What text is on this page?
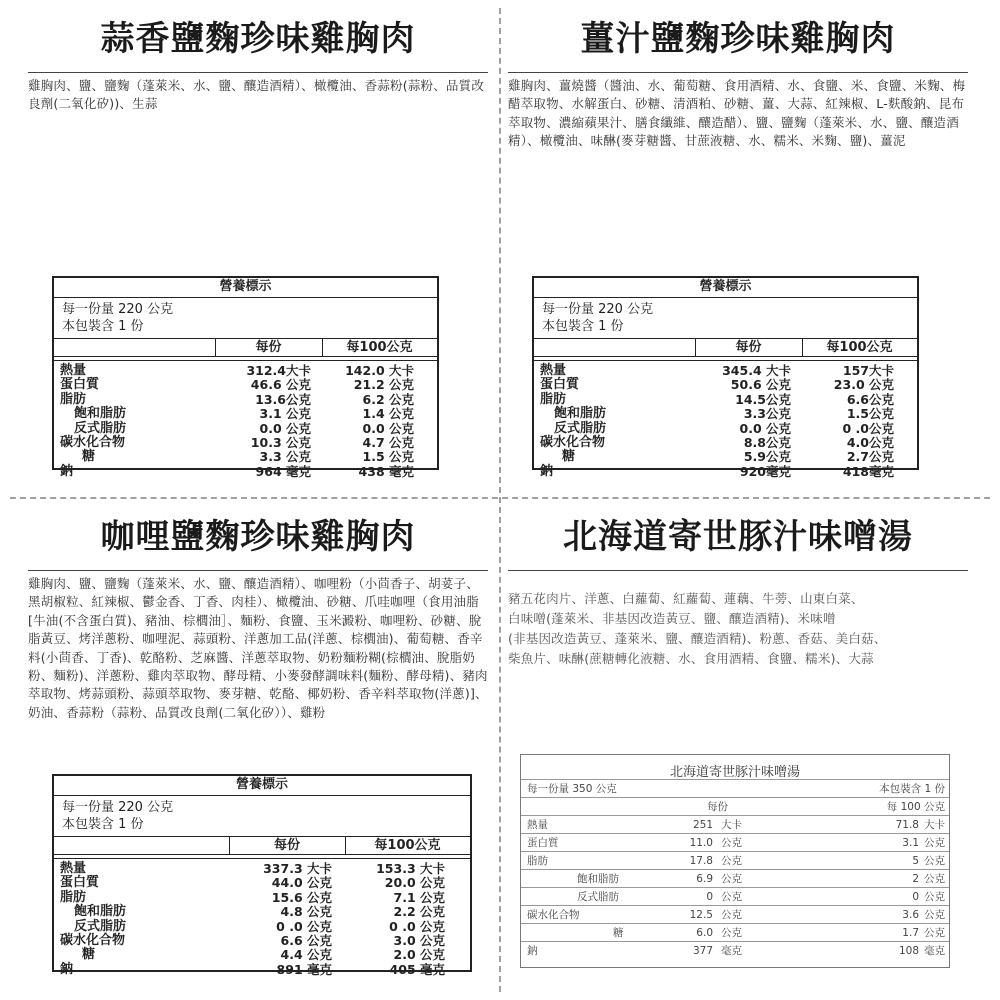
蒜香鹽麴珍味雞胸肉
雞胸肉、鹽、鹽麴（蓬萊米、水、鹽、釀造酒精）、橄欖油、香蒜粉(蒜粉、品質改良劑(二氧化矽))、生蒜
薑汁鹽麴珍味雞胸肉
雞胸肉、薑燒醬（醬油、水、葡萄糖、食用酒精、水、食鹽、米、食鹽、米麴、梅醋萃取物、水解蛋白、砂糖、清酒粕、砂糖、薑、大蒜、紅辣椒、L-麩酸鈉、昆布萃取物、濃縮蘋果汁、膳食纖維、釀造醋）、鹽、鹽麴（蓬萊米、水、鹽、釀造酒精）、橄欖油、味醂(麥芽糖醬、甘蔗液糖、水、糯米、米麴、鹽)、薑泥
咖哩鹽麴珍味雞胸肉
雞胸肉、鹽、鹽麴（蓬萊米、水、鹽、釀造酒精）、咖哩粉（小茴香子、胡荽子、黑胡椒粒、紅辣椒、鬱金香、丁香、肉桂）、橄欖油、砂糖、爪哇咖哩（食用油脂[牛油(不含蛋白質)、豬油、棕櫚油］、麵粉、食鹽、玉米澱粉、咖哩粉、砂糖、脫脂黃豆、烤洋蔥粉、咖哩泥、蒜頭粉、洋蔥加工品(洋蔥、棕櫚油)、葡萄糖、香辛料(小茴香、丁香)、乾酪粉、芝麻醬、洋蔥萃取物、奶粉麵粉糊(棕櫚油、脫脂奶粉、麵粉)、洋蔥粉、雞肉萃取物、酵母精、小麥發酵調味料(麵粉、酵母精)、豬肉萃取物、烤蒜頭粉、蒜頭萃取物、麥芽糖、乾酪、椰奶粉、香辛料萃取物(洋蔥)]、奶油、香蒜粉（蒜粉、品質改良劑(二氧化矽））、雞粉
北海道寄世豚汁味噌湯
豬五花肉片、洋蔥、白蘿蔔、紅蘿蔔、蓮藕、牛蒡、山東白菜、
白味噌(蓬萊米、非基因改造黃豆、鹽、釀造酒精)、米味噌
(非基因改造黃豆、蓬萊米、鹽、釀造酒精)、粉蔥、香菇、美白菇、
柴魚片、味醂(蔗糖轉化液糖、水、食用酒精、食鹽、糯米)、大蒜
營養標示
每一份量 220 公克
本包裝含 1 份
每份	每100公克
熱量	312.4大卡	142.0 大卡
蛋白質	46.6 公克	21.2 公克
脂肪	13.6公克	6.2 公克
飽和脂肪	3.1 公克	1.4 公克
反式脂肪	0.0 公克	0.0 公克
碳水化合物	10.3 公克	4.7 公克
糖	3.3 公克	1.5 公克
鈉	964 毫克	438 毫克
營養標示
每一份量 220 公克
本包裝含 1 份
每份	每100公克
熱量	345.4 大卡	157大卡
蛋白質	50.6 公克	23.0 公克
脂肪	14.5公克	6.6公克
飽和脂肪	3.3公克	1.5公克
反式脂肪	0.0 公克	0 .0公克
碳水化合物	8.8公克	4.0公克
糖	5.9公克	2.7公克
鈉	920毫克	418毫克
營養標示
每一份量 220 公克
本包裝含 1 份
每份	每100公克
熱量	337.3 大卡	153.3 大卡
蛋白質	44.0 公克	20.0 公克
脂肪	15.6 公克	7.1 公克
飽和脂肪	4.8 公克	2.2 公克
反式脂肪	0 .0 公克	0 .0 公克
碳水化合物	6.6 公克	3.0 公克
糖	4.4 公克	2.0 公克
鈉	891 毫克	405 毫克
北海道寄世豚汁味噌湯
每一份量 350 公克	本包裝含 1 份
每份	每 100 公克
熱量	251 大卡	71.8 大卡
蛋白質	11.0 公克	3.1 公克
脂肪	17.8 公克	5 公克
飽和脂肪	6.9 公克	2 公克
反式脂肪	0 公克	0 公克
碳水化合物	12.5 公克	3.6 公克
糖	6.0 公克	1.7 公克
鈉	377 毫克	108 毫克
